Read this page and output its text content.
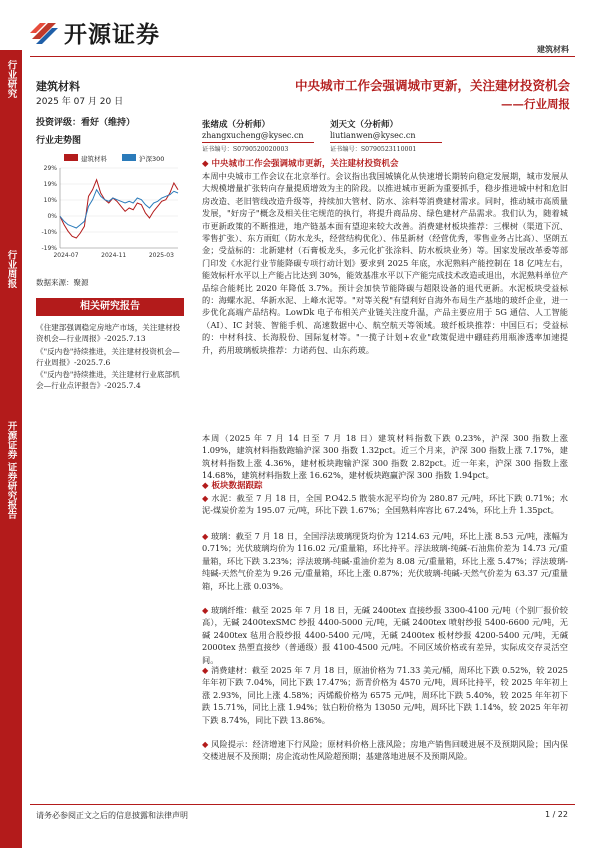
开源证券
建筑材料
行业研究
行业周报
开源证券 证券研究报告
建筑材料
2025 年 07 月 20 日
投资评级：看好（维持）
行业走势图
建筑材料	沪深300
29%
19%
10%
0%
-10%
-19%
2024-07	2024-11	2025-03
数据来源：聚源
相关研究报告
《住建部强调稳定房地产市场，关注建材投资机会—行业周报》-2025.7.13
《"反内卷"持续推进，关注建材投资机会—行业周报》-2025.7.6
《"反内卷"持续推进，关注建材行业底部机会—行业点评报告》-2025.7.4
中央城市工作会强调城市更新，关注建材投资机会
——行业周报
张绪成（分析师）
zhangxucheng@kysec.cn
证书编号：S0790520020003
刘天文（分析师）
liutianwen@kysec.cn
证书编号：S0790523110001
◆ 中央城市工作会强调城市更新，关注建材投资机会
本周中央城市工作会议在北京举行。会议指出我国城镇化从快速增长期转向稳定发展期，城市发展从大规模增量扩张转向存量提质增效为主的阶段。以推进城市更新为重要抓手，稳步推进城中村和危旧房改造、老旧管线改造升级等，持续加大管材、防水、涂料等消费建材需求。同时，推动城市高质量发展，"好房子"概念及相关住宅规范的执行，将提升商品房、绿色建材产品需求。我们认为，随着城市更新政策的不断推进，地产链基本面有望迎来较大改善。消费建材板块推荐：三棵树（渠道下沉、零售扩张）、东方雨虹（防水龙头，经营结构优化）、伟星新材（经营优秀，零售业务占比高）、坚朗五金；受益标的：北新建材（石膏板龙头，多元化扩张涂料、防水板块业务）等。国家发展改革委等部门印发《水泥行业节能降碳专项行动计划》要求到 2025 年底，水泥熟料产能控制在 18 亿吨左右，能效标杆水平以上产能占比达到 30%，能效基准水平以下产能完成技术改造或退出，水泥熟料单位产品综合能耗比 2020 年降低 3.7%。预计会加快节能降碳与超限设备的退代更新。水泥板块受益标的：海螺水泥、华新水泥、上峰水泥等。"对等关税"有望利好自海外布局生产基地的玻纤企业，进一步优化高端产品结构。LowDk 电子布相关产业链关注度升温，产品主要应用于 5G 通信、人工智能（AI）、IC 封装、智能手机、高速数据中心、航空航天等领域。玻纤板块推荐：中国巨石；受益标的：中材科技、长海股份、国际复材等。"一揽子计划+农业"政策促进中硼硅药用瓶渗透率加速提升，药用玻璃板块推荐：力诺药包、山东药玻。
本周（2025 年 7 月 14 日至 7 月 18 日）建筑材料指数下跌 0.23%，沪深 300 指数上涨 1.09%，建筑材料指数跑输沪深 300 指数 1.32pct。近三个月来，沪深 300 指数上涨 7.17%，建筑材料指数上涨 4.36%，建材板块跑输沪深 300 指数 2.82pct。近一年来，沪深 300 指数上涨 14.68%，建筑材料指数上涨 16.62%，建材板块跑赢沪深 300 指数 1.94pct。
◆ 板块数据跟踪
◆ 水泥：截至 7 月 18 日，全国 P.O42.5 散装水泥平均价为 280.87 元/吨，环比下跌 0.71%；水泥-煤炭价差为 195.07 元/吨，环比下跌 1.67%；全国熟料库容比 67.24%，环比上升 1.35pct。
◆ 玻璃：截至 7 月 18 日，全国浮法玻璃现货均价为 1214.63 元/吨，环比上涨 8.53 元/吨，涨幅为 0.71%；光伏玻璃均价为 116.02 元/重量箱，环比持平。浮法玻璃-纯碱-石油焦价差为 14.73 元/重量箱，环比下跌 3.23%；浮法玻璃-纯碱-重油价差为 8.08 元/重量箱，环比上涨 5.47%；浮法玻璃-纯碱-天然气价差为 9.26 元/重量箱，环比上涨 0.87%；光伏玻璃-纯碱-天然气价差为 63.37 元/重量箱，环比上涨 0.03%。
◆ 玻璃纤维：截至 2025 年 7 月 18 日，无碱 2400tex 直接纱报 3300-4100 元/吨（个别厂报价较高），无碱 2400texSMC 纱报 4400-5000 元/吨，无碱 2400tex 喷射纱报 5400-6600 元/吨，无碱 2400tex 毡用合股纱报 4400-5400 元/吨，无碱 2400tex 板材纱报 4200-5400 元/吨，无碱 2000tex 热塑直接纱（普通级）报 4100-4500 元/吨。不同区域价格或有差异，实际成交存灵活空间。
◆ 消费建材：截至 2025 年 7 月 18 日，原油价格为 71.33 美元/桶，周环比下跌 0.52%，较 2025 年年初下跌 7.04%，同比下跌 17.47%；沥青价格为 4570 元/吨，周环比持平，较 2025 年年初上涨 2.93%，同比上涨 4.58%；丙烯酸价格为 6575 元/吨，周环比下跌 5.40%，较 2025 年年初下跌 15.71%，同比上涨 1.94%；钛白粉价格为 13050 元/吨，周环比下跌 1.14%，较 2025 年年初下跌 8.74%，同比下跌 13.86%。
◆ 风险提示：经济增速下行风险；原材料价格上涨风险；房地产销售回暖进展不及预期风险；国内保交楼进展不及预期；房企流动性风险超预期；基建落地进展不及预期风险。
请务必参阅正文之后的信息披露和法律声明	1 / 22
